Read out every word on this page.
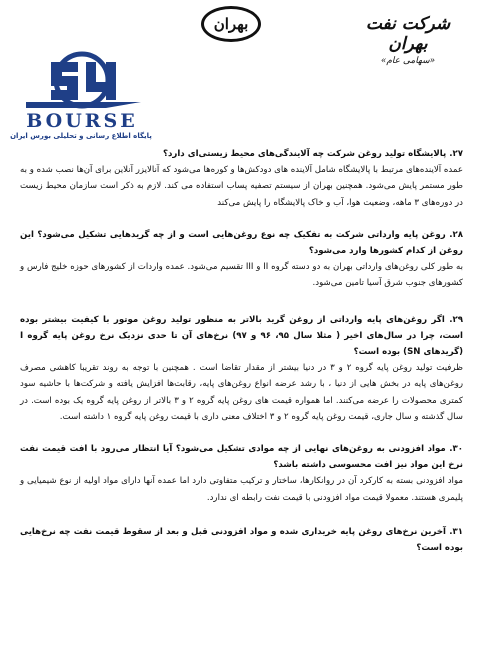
شرکت نفت بهران
«سهامی عام»
بهران
BOURSE
پایگاه اطلاع رسانی و تحلیلی بورس ایران

٢٧. پالایشگاه تولید روغن شرکت چه آلایندگی‌های محیط زیستی‌ای دارد؟

عمده آلاینده‌های مرتبط با پالایشگاه شامل آلاینده های دودکش‌ها و کوره‌ها می‌شود که آنالایزر آنلاین برای آن‌ها نصب شده و به طور مستمر پایش می‌شود. همچنین بهران از سیستم تصفیه پساب استفاده می کند. لازم به ذکر است سازمان محیط زیست در دوره‌های ٣ ماهه، وضعیت هوا، آب و خاک پالایشگاه را پایش می‌کند

٢٨. روغن پایه وارداتی شرکت به تفکیک چه نوع روغن‌هایی است و از چه گریدهایی تشکیل می‌شود؟ این روغن از کدام کشورها وارد می‌شود؟

به طور کلی روغن‌های وارداتی بهران به دو دسته گروه II و III تقسیم می‌شود. عمده واردات از کشورهای حوزه خلیج فارس و کشورهای جنوب شرق آسیا تامین می‌شود.

٢٩. اگر روغن‌های پایه وارداتی از روغن گرید بالاتر به منظور تولید روغن موتور با کیفیت بیشتر بوده است، چرا در سال‌های اخیر ( مثلا سال ٩۵، ٩۶ و ٩٧) نرخ‌های آن تا حدی نزدیک نرخ روغن پایه گروه I (گریدهای SN) بوده است؟

ظرفیت تولید روغن پایه گروه ٢ و ٣ در دنیا بیشتر از مقدار تقاضا است . همچنین با توجه به روند تقریبا کاهشی مصرف روغن‌های پایه در بخش هایی از دنیا ، با رشد عرضه انواع روغن‌های پایه، رقابت‌ها افزایش یافته و شرکت‌ها با حاشیه سود کمتری محصولات را عرضه می‌کنند. اما همواره قیمت های روغن پایه گروه ٢ و ٣ بالاتر از روغن پایه گروه یک بوده است. در سال گذشته و سال جاری، قیمت روغن پایه گروه ٢ و ٣ اختلاف معنی داری با قیمت روغن پایه گروه ١ داشته است.

٣٠. مواد افزودنی به روغن‌های نهایی از چه موادی تشکیل می‌شود؟ آیا انتظار می‌رود با افت قیمت نفت نرخ این مواد نیز افت محسوسی داشته باشد؟

مواد افزودنی بسته به کارکرد آن در روانکارها، ساختار و ترکیب متفاوتی دارد اما عمده آنها دارای مواد اولیه از نوع شیمیایی و پلیمری هستند. معمولا قیمت مواد افزودنی با قیمت نفت رابطه ای ندارد.

٣١. آخرین نرخ‌های روغن پایه خریداری شده و مواد افزودنی قبل و بعد از سقوط قیمت نفت چه نرخ‌هایی بوده است؟
